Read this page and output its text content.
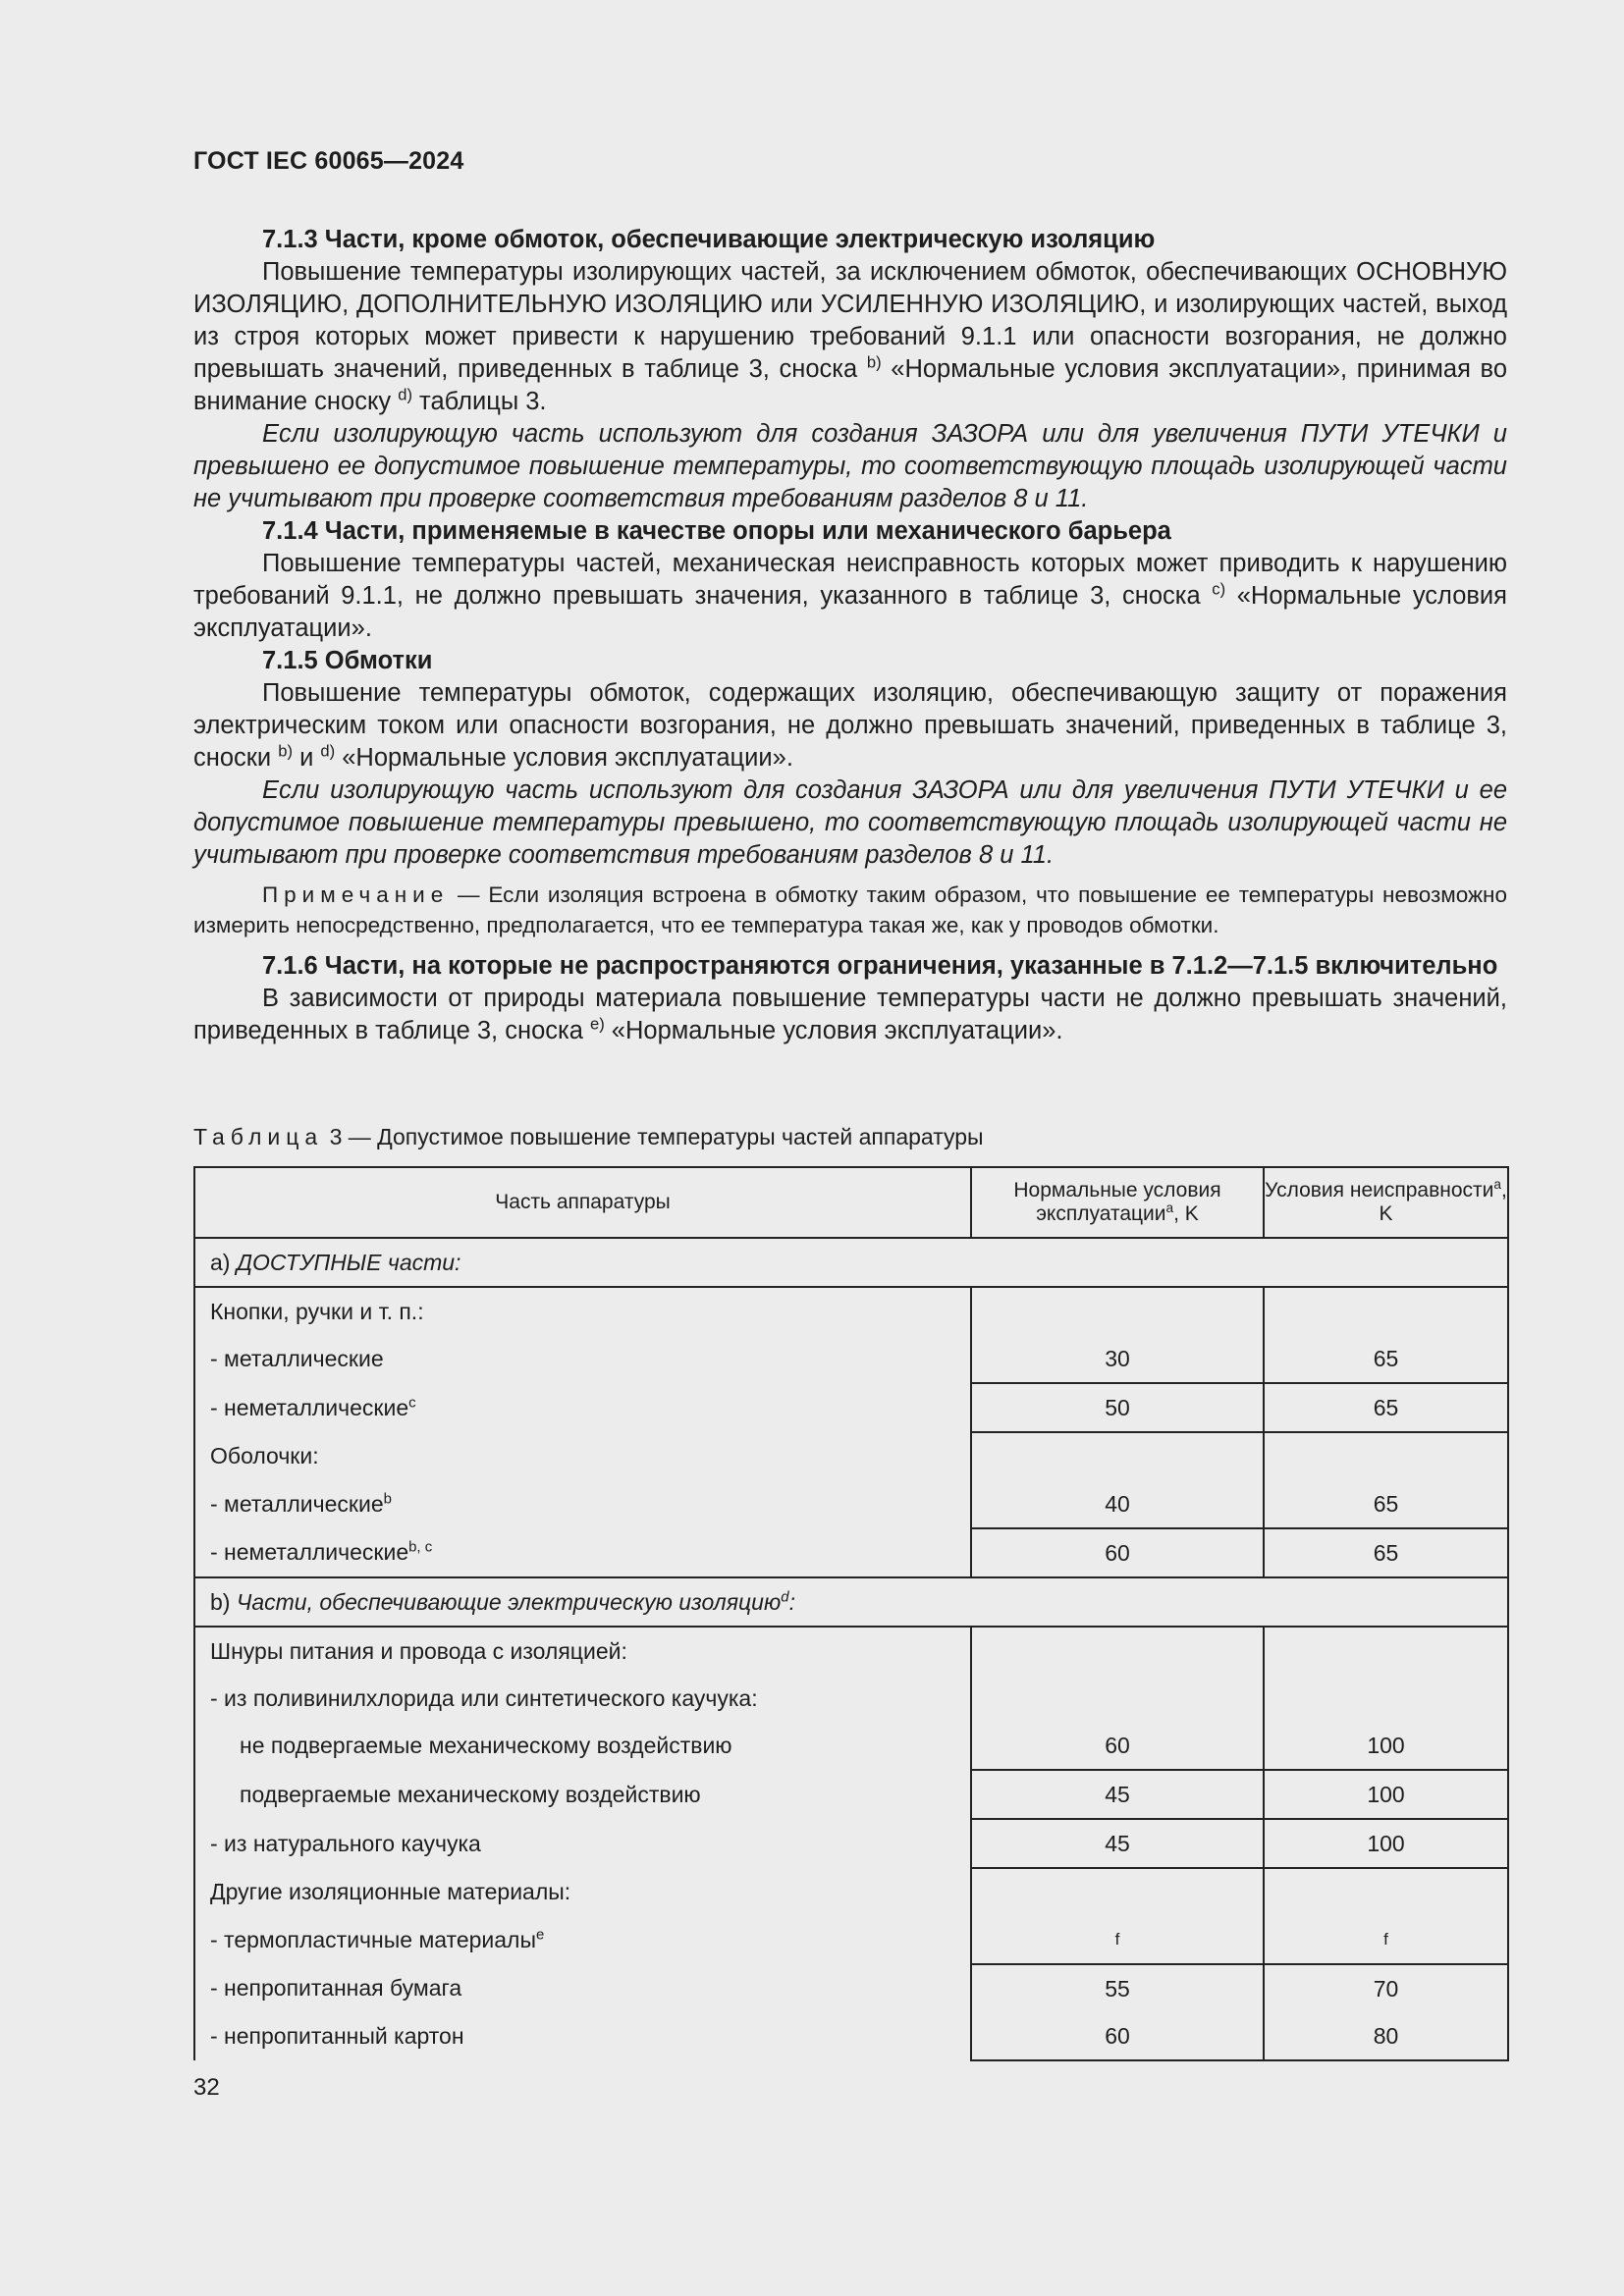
ГОСТ IEC 60065—2024

7.1.3 Части, кроме обмоток, обеспечивающие электрическую изоляцию

Повышение температуры изолирующих частей, за исключением обмоток, обеспечивающих ОСНОВНУЮ ИЗОЛЯЦИЮ, ДОПОЛНИТЕЛЬНУЮ ИЗОЛЯЦИЮ или УСИЛЕННУЮ ИЗОЛЯЦИЮ, и изолирующих частей, выход из строя которых может привести к нарушению требований 9.1.1 или опасности возгорания, не должно превышать значений, приведенных в таблице 3, сноска $^{b)}$ «Нормальные условия эксплуатации», принимая во внимание сноску $^{d)}$ таблицы 3.

Если изолирующую часть используют для создания ЗАЗОРА или для увеличения ПУТИ УТЕЧКИ и превышено ее допустимое повышение температуры, то соответствующую площадь изолирующей части не учитывают при проверке соответствия требованиям разделов 8 и 11.

7.1.4 Части, применяемые в качестве опоры или механического барьера

Повышение температуры частей, механическая неисправность которых может приводить к нарушению требований 9.1.1, не должно превышать значения, указанного в таблице 3, сноска $^{c)}$ «Нормальные условия эксплуатации».

7.1.5 Обмотки

Повышение температуры обмоток, содержащих изоляцию, обеспечивающую защиту от поражения электрическим током или опасности возгорания, не должно превышать значений, приведенных в таблице 3, сноски $^{b)}$ и $^{d)}$ «Нормальные условия эксплуатации».

Если изолирующую часть используют для создания ЗАЗОРА или для увеличения ПУТИ УТЕЧКИ и ее допустимое повышение температуры превышено, то соответствующую площадь изолирующей части не учитывают при проверке соответствия требованиям разделов 8 и 11.

Примечание — Если изоляция встроена в обмотку таким образом, что повышение ее температуры невозможно измерить непосредственно, предполагается, что ее температура такая же, как у проводов обмотки.

7.1.6 Части, на которые не распространяются ограничения, указанные в 7.1.2—7.1.5 включительно

В зависимости от природы материала повышение температуры части не должно превышать значений, приведенных в таблице 3, сноска $^{e)}$ «Нормальные условия эксплуатации».

Таблица 3 — Допустимое повышение температуры частей аппаратуры
Часть аппаратуры	Нормальные условия эксплуатации$^a$, K	Условия неисправности$^a$, K
a) ДОСТУПНЫЕ части:		
Кнопки, ручки и т. п.:		
- металлические	30	65
- неметаллические$^c$	50	65
Оболочки:		
- металлические$^b$	40	65
- неметаллические$^{b, c}$	60	65
b) Части, обеспечивающие электрическую изоляцию$^d$:		
Шнуры питания и провода с изоляцией:		
- из поливинилхлорида или синтетического каучука:		
не подвергаемые механическому воздействию	60	100
подвергаемые механическому воздействию	45	100
- из натурального каучука	45	100
Другие изоляционные материалы:		
- термопластичные материалы$^e$	f	f
- непропитанная бумага	55	70
- непропитанный картон	60	80
32
